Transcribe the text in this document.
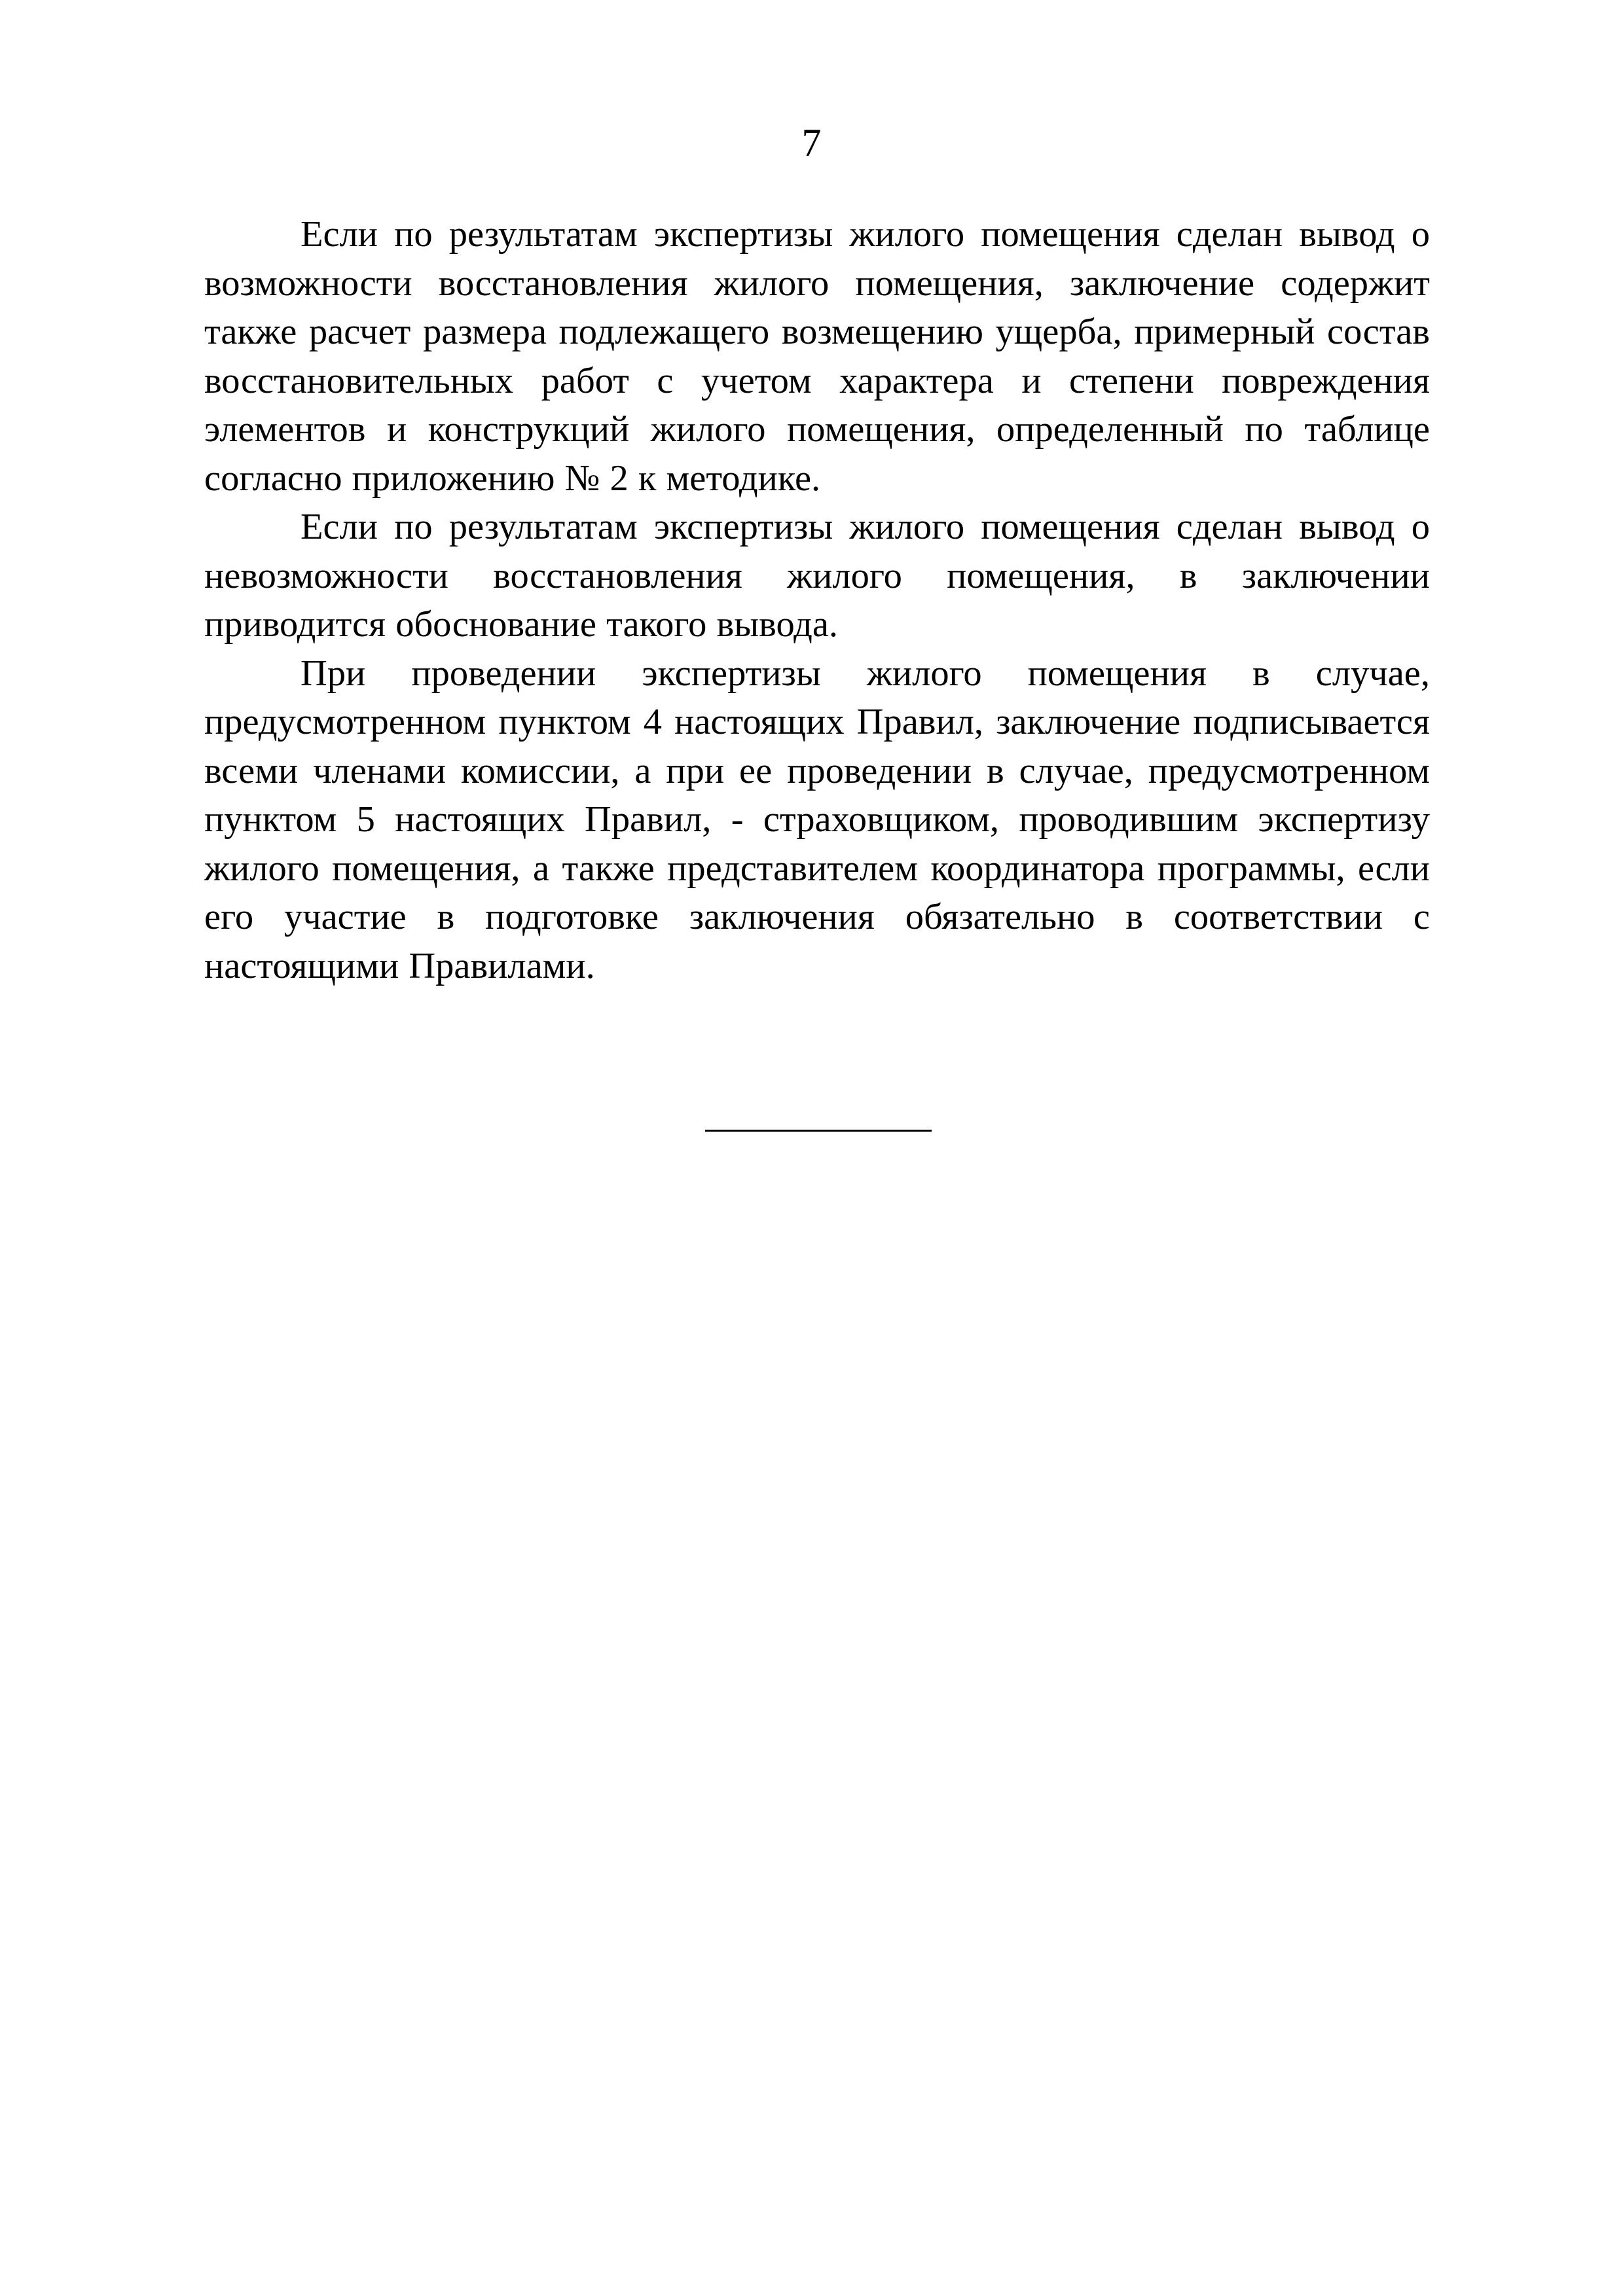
7

Если по результатам экспертизы жилого помещения сделан вывод о возможности восстановления жилого помещения, заключение содержит также расчет размера подлежащего возмещению ущерба, примерный состав восстановительных работ с учетом характера и степени повреждения элементов и конструкций жилого помещения, определенный по таблице согласно приложению № 2 к методике.

Если по результатам экспертизы жилого помещения сделан вывод о невозможности восстановления жилого помещения, в заключении приводится обоснование такого вывода.

При проведении экспертизы жилого помещения в случае, предусмотренном пунктом 4 настоящих Правил, заключение подписывается всеми членами комиссии, а при ее проведении в случае, предусмотренном пунктом 5 настоящих Правил, - страховщиком, проводившим экспертизу жилого помещения, а также представителем координатора программы, если его участие в подготовке заключения обязательно в соответствии с настоящими Правилами.
